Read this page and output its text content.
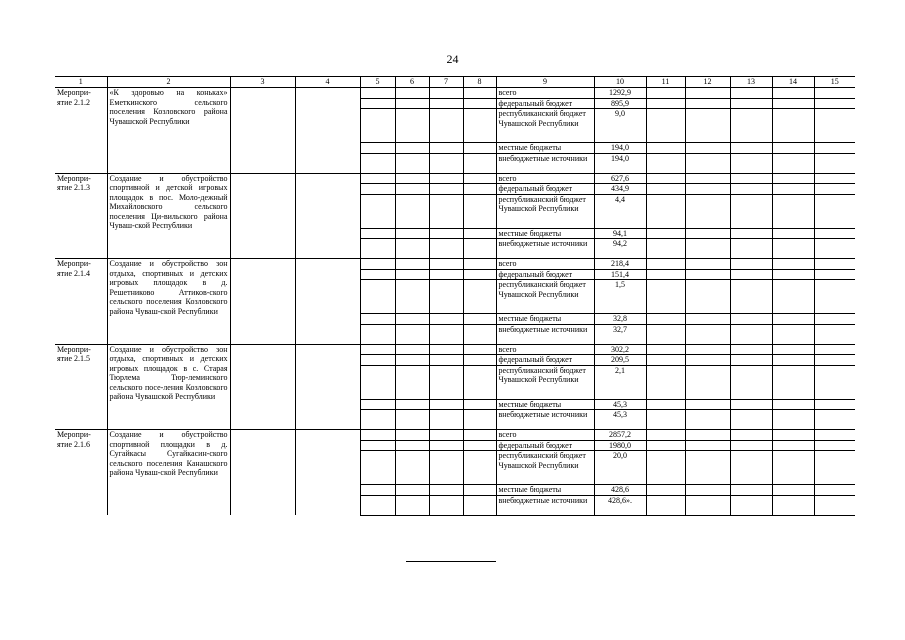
24
1	2	3	4	5	6	7	8	9	10	11	12	13	14	15
Меропри-
ятие 2.1.2	«К здоровью на коньках» Еметкинского сельского поселения Козловского района Чувашской Республики							всего	1292,9					
								федеральный бюджет	895,9					
								республиканский бюджет Чувашской Республики	9,0					
								местные бюджеты	194,0					
								внебюджетные источники	194,0					
Меропри-
ятие 2.1.3	Создание и обустройство спортивной и детской игровых площадок в пос. Моло-дежный Михайловского сельского поселения Ци-вильского района Чуваш-ской Республики							всего	627,6					
								федеральный бюджет	434,9					
								республиканский бюджет Чувашской Республики	4,4					
								местные бюджеты	94,1					
								внебюджетные источники	94,2					
Меропри-
ятие 2.1.4	Создание и обустройство зон отдыха, спортивных и детских игровых площадок в д. Решетниково Аттиков-ского сельского поселения Козловского района Чуваш-ской Республики							всего	218,4					
								федеральный бюджет	151,4					
								республиканский бюджет Чувашской Республики	1,5					
								местные бюджеты	32,8					
								внебюджетные источники	32,7					
Меропри-
ятие 2.1.5	Создание и обустройство зон отдыха, спортивных и детских игровых площадок в с. Старая Тюрлема Тюр-леминского сельского посе-ления Козловского района Чувашской Республики							всего	302,2					
								федеральный бюджет	209,5					
								республиканский бюджет Чувашской Республики	2,1					
								местные бюджеты	45,3					
								внебюджетные источники	45,3					
Меропри-
ятие 2.1.6	Создание и обустройство спортивной площадки в д. Сугайкасы Сугайкасин-ского сельского поселения Канашского района Чуваш-ской Республики							всего	2857,2					
								федеральный бюджет	1980,0					
								республиканский бюджет Чувашской Республики	20,0					
								местные бюджеты	428,6					
								внебюджетные источники	428,6».					
